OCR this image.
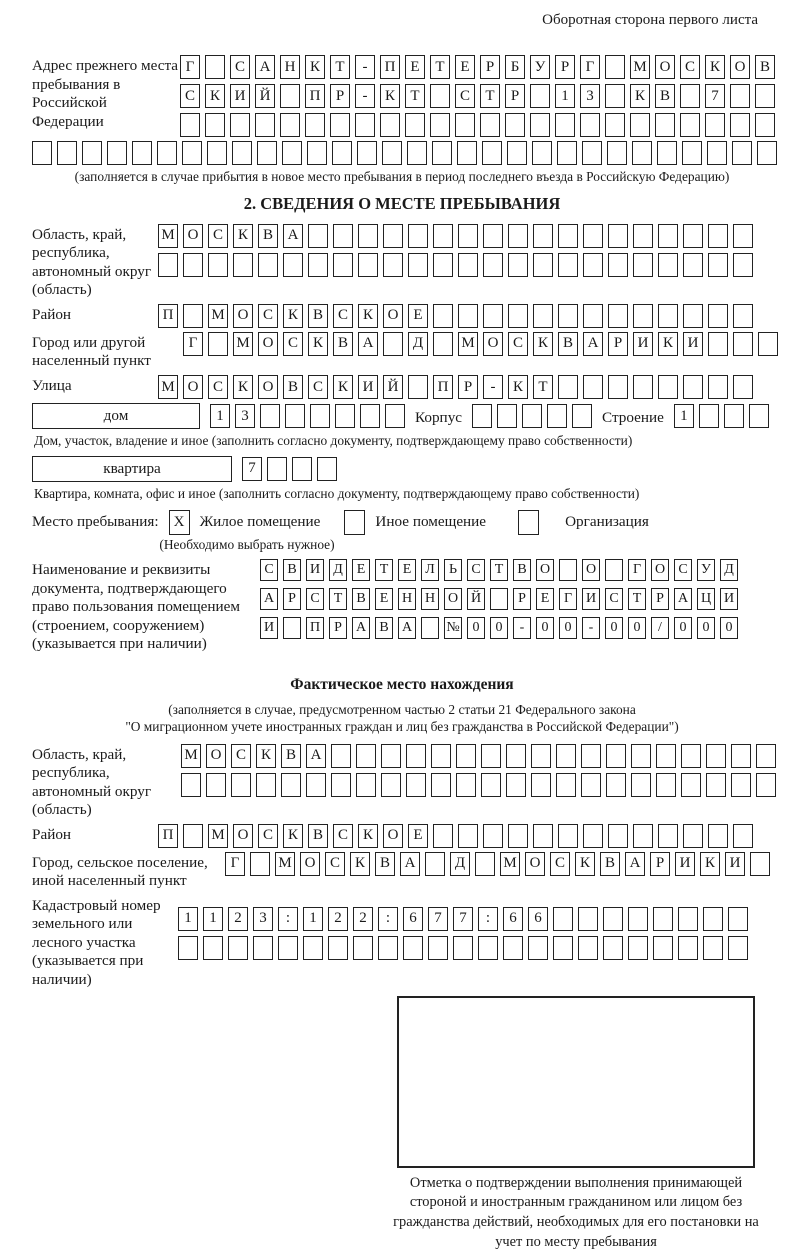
Оборотная сторона первого листа
Адрес прежнего места пребывания в Российской Федерации
Г	С А Н К	Т	-	П Е	Т	Е	Р	Б	У	Р	Г	М О С К О В
С К И Й	П	Р	-	К	Т	С	Т	Р	1	3	К В	7
(заполняется в случае прибытия в новое место пребывания в период последнего въезда в Российскую Федерацию)
2. СВЕДЕНИЯ О МЕСТЕ ПРЕБЫВАНИЯ
Область, край, республика, автономный округ (область)
М О С К В А
Район	П	М О С К В С К О Е
Город или другой населенный пункт
Г	М О С К В А	Д	М О С К В А	Р	И К И
Улица	М О С К О В С К И Й	П	Р	-	К	Т
дом	1	3	Корпус	Строение	1
Дом, участок, владение и иное (заполнить согласно документу, подтверждающему право собственности)
квартира	7
Квартира, комната, офис и иное (заполнить согласно документу, подтверждающему право собственности)
Место пребывания:	X Жилое помещение	Иное помещение	Организация
(Необходимо выбрать нужное)
Наименование и реквизиты документа, подтверждающего право пользования помещением (строением, сооружением) (указывается при наличии)
С В И Д Е	Т	Е Л	Ь	С	Т	В О	О	Г О С У Д
А	Р	С	Т	В	Е Н Н О Й	Р	Е	Г И С	Т	Р	А Ц И
И	П	Р	А В А № 0	0	-	0	0	-	0	0	/	0	0	0
Фактическое место нахождения
(заполняется в случае, предусмотренном частью 2 статьи 21 Федерального закона
"О миграционном учете иностранных граждан и лиц без гражданства в Российской Федерации")
Область, край, республика, автономный округ (область)
М О С К В А
Район	П	М О С К В С К О Е
Город, сельское поселение, иной населенный пункт
Г	М О С К В А	Д	М О С К В А	Р	И К И
Кадастровый номер земельного или лесного участка (указывается при наличии)
1	1	2	3	:	1	2	2	:	6	7	7	:	6	6
Отметка о подтверждении выполнения принимающей стороной и иностранным гражданином или лицом без гражданства действий, необходимых для его постановки на учет по месту пребывания
